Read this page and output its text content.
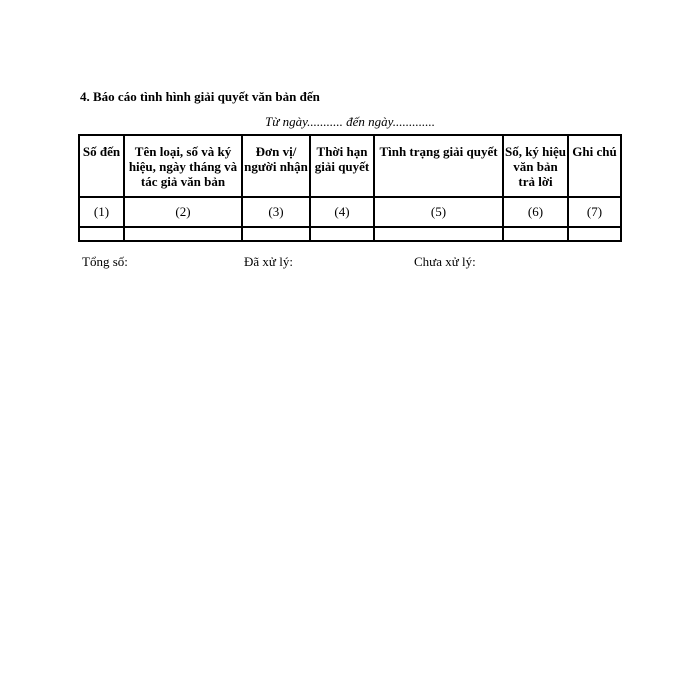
4. Báo cáo tình hình giải quyết văn bản đến
Từ ngày........... đến ngày.............
Số đến	Tên loại, số và ký hiệu, ngày tháng và tác giả văn bản	Đơn vị/ người nhận	Thời hạn giải quyết	Tình trạng giải quyết	Số, ký hiệu văn bản trả lời	Ghi chú
(1)	(2)	(3)	(4)	(5)	(6)	(7)

Tổng số:	Đã xử lý:	Chưa xử lý:
